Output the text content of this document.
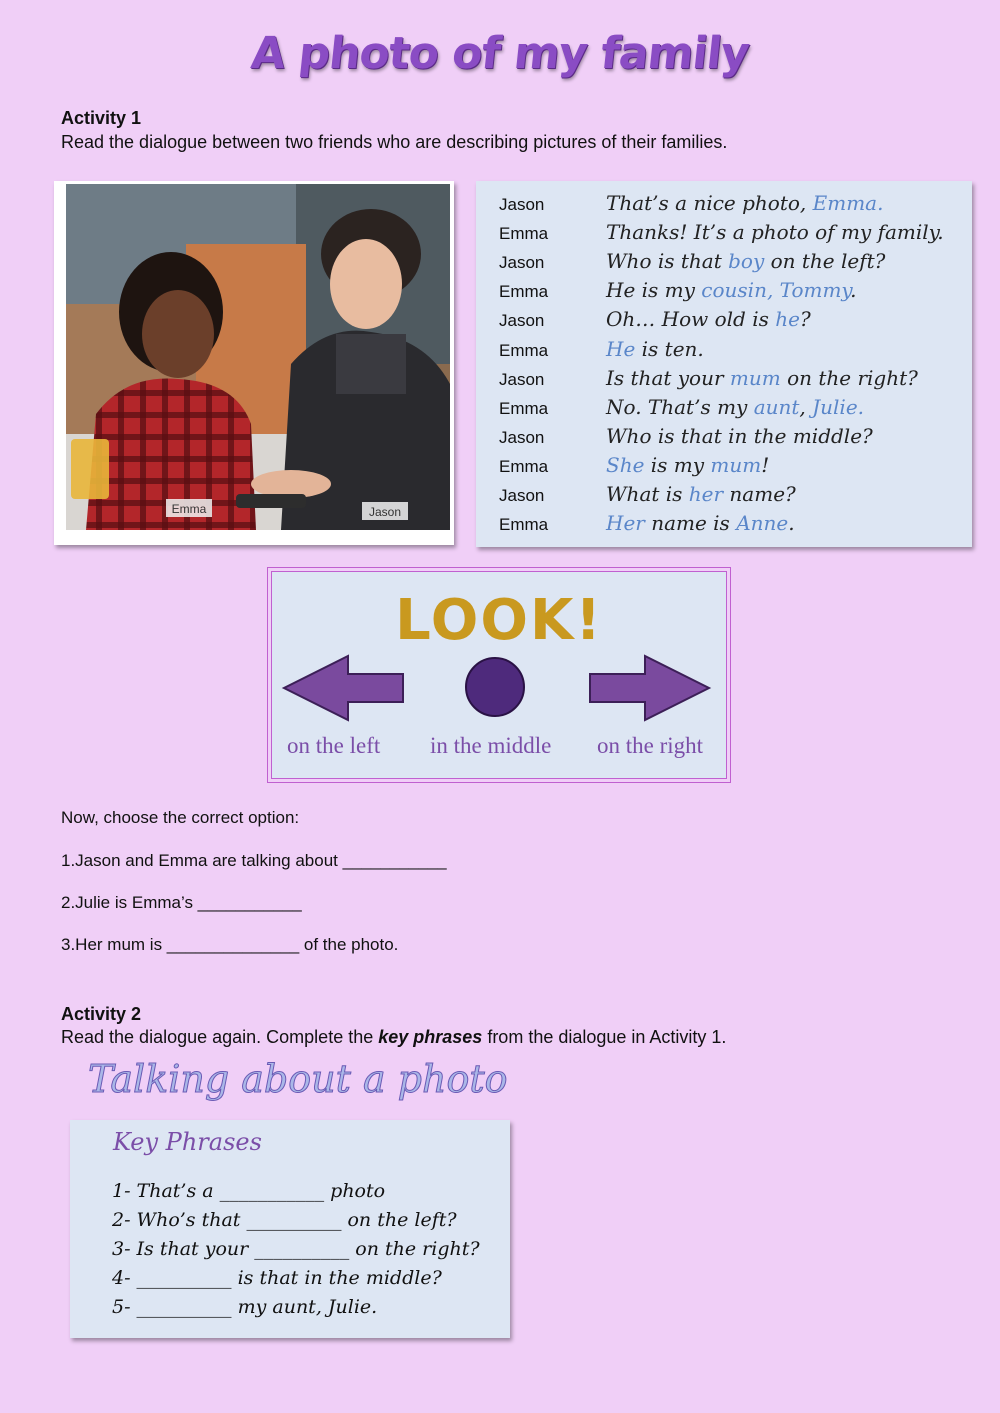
A photo of my family
Activity 1
Read the dialogue between two friends who are describing pictures of their families.
Emma	Jason
Jason	That’s a nice photo, Emma.
Emma	Thanks! It’s a photo of my family.
Jason	Who is that boy on the left?
Emma	He is my cousin, Tommy.
Jason	Oh… How old is he?
Emma	He is ten.
Jason	Is that your mum on the right?
Emma	No. That’s my aunt, Julie.
Jason	Who is that in the middle?
Emma	She is my mum!
Jason	What is her name?
Emma	Her name is Anne.
LOOK!
on the left in the middle on the right
Now, choose the correct option:
1.Jason and Emma are talking about ___________
2.Julie is Emma’s ___________
3.Her mum is ______________ of the photo.
Activity 2
Read the dialogue again. Complete the key phrases from the dialogue in Activity 1.
Talking about a photo
Key Phrases
1- That’s a ___________ photo
2- Who’s that __________ on the left?
3- Is that your __________ on the right?
4- __________ is that in the middle?
5- __________ my aunt, Julie.
